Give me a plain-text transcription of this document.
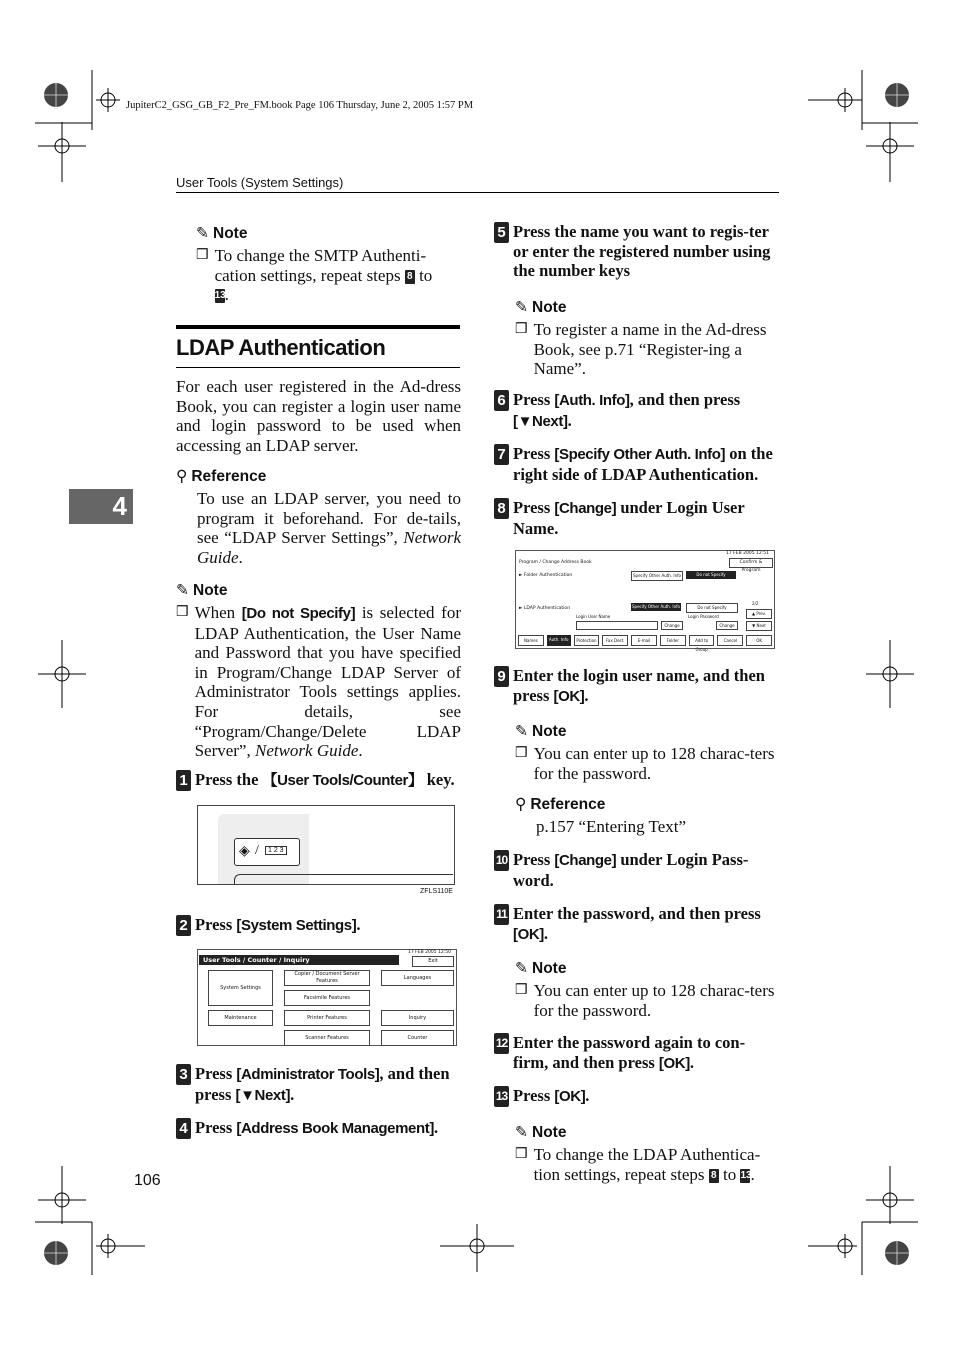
JupiterC2_GSG_GB_F2_Pre_FM.book Page 106 Thursday, June 2, 2005 1:57 PM
User Tools (System Settings)
4
106
✎ Note
❒ To change the SMTP Authenti-cation settings, repeat steps 8 to
13.
LDAP Authentication
For each user registered in the Ad-dress Book, you can register a login user name and login password to be used when accessing an LDAP server.
⚲ Reference
To use an LDAP server, you need to program it beforehand. For de-tails, see “LDAP Server Settings”, Network Guide.
✎ Note
❒ When [Do not Specify] is selected for LDAP Authentication, the User Name and Password that you have specified in Program/Change LDAP Server of Administrator Tools settings applies. For details, see “Program/Change/Delete LDAP Server”, Network Guide.
1 Press the 【User Tools/Counter】 key.
◈ /	1 2 3
ZFLS110E
2 Press [System Settings].
17 FEB 2005 12:50
User Tools / Counter / Inquiry	Exit
System Settings
Maintenance
Copier / Document Server Features	Languages
Facsimile Features
Printer Features	Inquiry
Scanner Features	Counter
3 Press [Administrator Tools], and then press [▼Next].
4 Press [Address Book Management].
5 Press the name you want to regis-ter or enter the registered number using the number keys
✎ Note
❒ To register a name in the Ad-dress Book, see p.71 “Register-ing a Name”.
6 Press [Auth. Info], and then press [▼Next].
7 Press [Specify Other Auth. Info] on the right side of LDAP Authentication.
8 Press [Change] under Login User Name.
17 FEB 2005 12:51
Program / Change Address Book	Confirm & Program
► Folder Authentication	Specify Other Auth. Info	Do not Specify
► LDAP Authentication	Specify Other Auth. Info	Do not Specify
Login User Name
Change
Login Password
Change
2/2
▲ Prev.
▼ Next
Names	Auth. Info	Protection	Fax Dest.	E-mail	Folder	Add to Group
Cancel	OK
9 Enter the login user name, and then press [OK].
✎ Note
❒ You can enter up to 128 charac-ters for the password.
⚲ Reference
p.157 “Entering Text”
10 Press [Change] under Login Pass-word.
11 Enter the password, and then press [OK].
✎ Note
❒ You can enter up to 128 charac-ters for the password.
12 Enter the password again to con-firm, and then press [OK].
13 Press [OK].
✎ Note
❒ To change the LDAP Authentica-tion settings, repeat steps 8 to 13.
